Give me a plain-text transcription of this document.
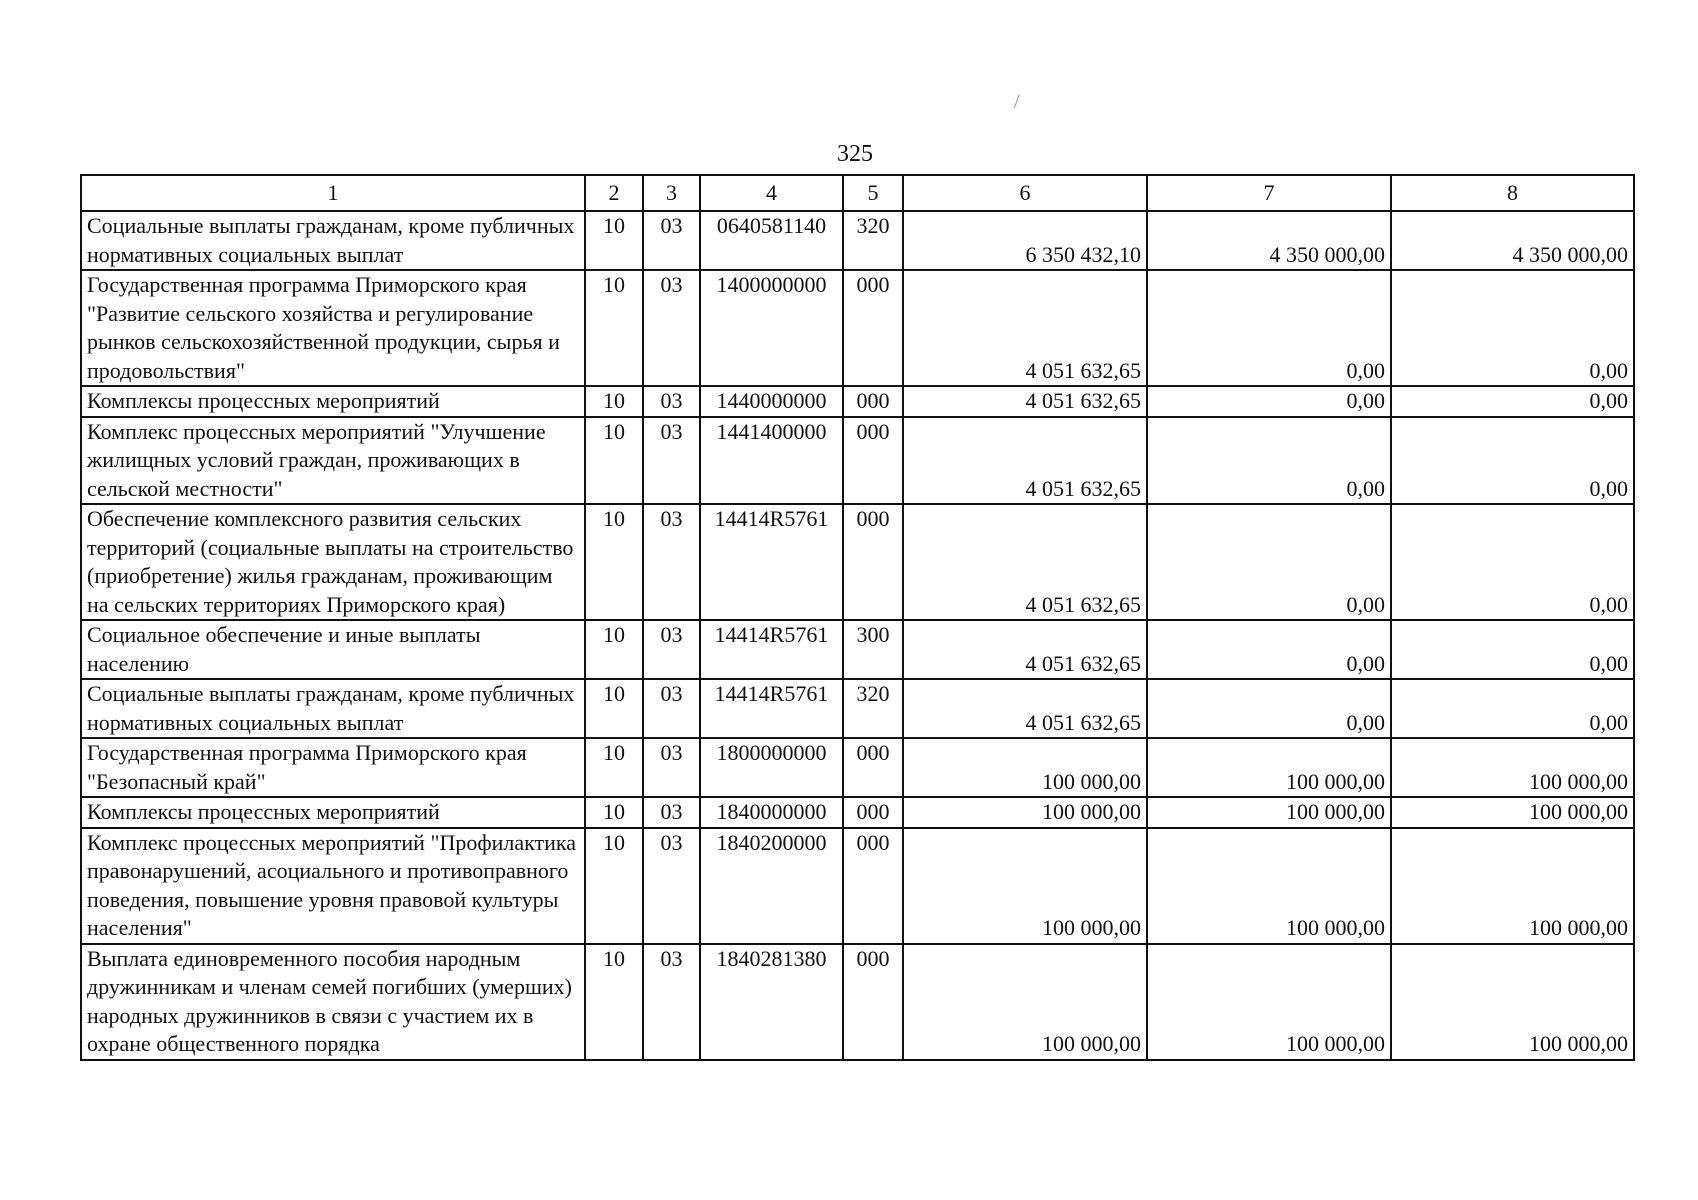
325
1	2	3	4	5	6	7	8
Социальные выплаты гражданам, кроме публичных нормативных социальных выплат	10	03	0640581140	320	6 350 432,10	4 350 000,00	4 350 000,00
Государственная программа Приморского края "Развитие сельского хозяйства и регулирование рынков сельскохозяйственной продукции, сырья и продовольствия"	10	03	1400000000	000	4 051 632,65	0,00	0,00
Комплексы процессных мероприятий	10	03	1440000000	000	4 051 632,65	0,00	0,00
Комплекс процессных мероприятий "Улучшение жилищных условий граждан, проживающих в сельской местности"	10	03	1441400000	000	4 051 632,65	0,00	0,00
Обеспечение комплексного развития сельских территорий (социальные выплаты на строительство (приобретение) жилья гражданам, проживающим на сельских территориях Приморского края)	10	03	14414R5761	000	4 051 632,65	0,00	0,00
Социальное обеспечение и иные выплаты населению	10	03	14414R5761	300	4 051 632,65	0,00	0,00
Социальные выплаты гражданам, кроме публичных нормативных социальных выплат	10	03	14414R5761	320	4 051 632,65	0,00	0,00
Государственная программа Приморского края "Безопасный край"	10	03	1800000000	000	100 000,00	100 000,00	100 000,00
Комплексы процессных мероприятий	10	03	1840000000	000	100 000,00	100 000,00	100 000,00
Комплекс процессных мероприятий "Профилактика правонарушений, асоциального и противоправного поведения, повышение уровня правовой культуры населения"	10	03	1840200000	000	100 000,00	100 000,00	100 000,00
Выплата единовременного пособия народным дружинникам и членам семей погибших (умерших) народных дружинников в связи с участием их в охране общественного порядка	10	03	1840281380	000	100 000,00	100 000,00	100 000,00
